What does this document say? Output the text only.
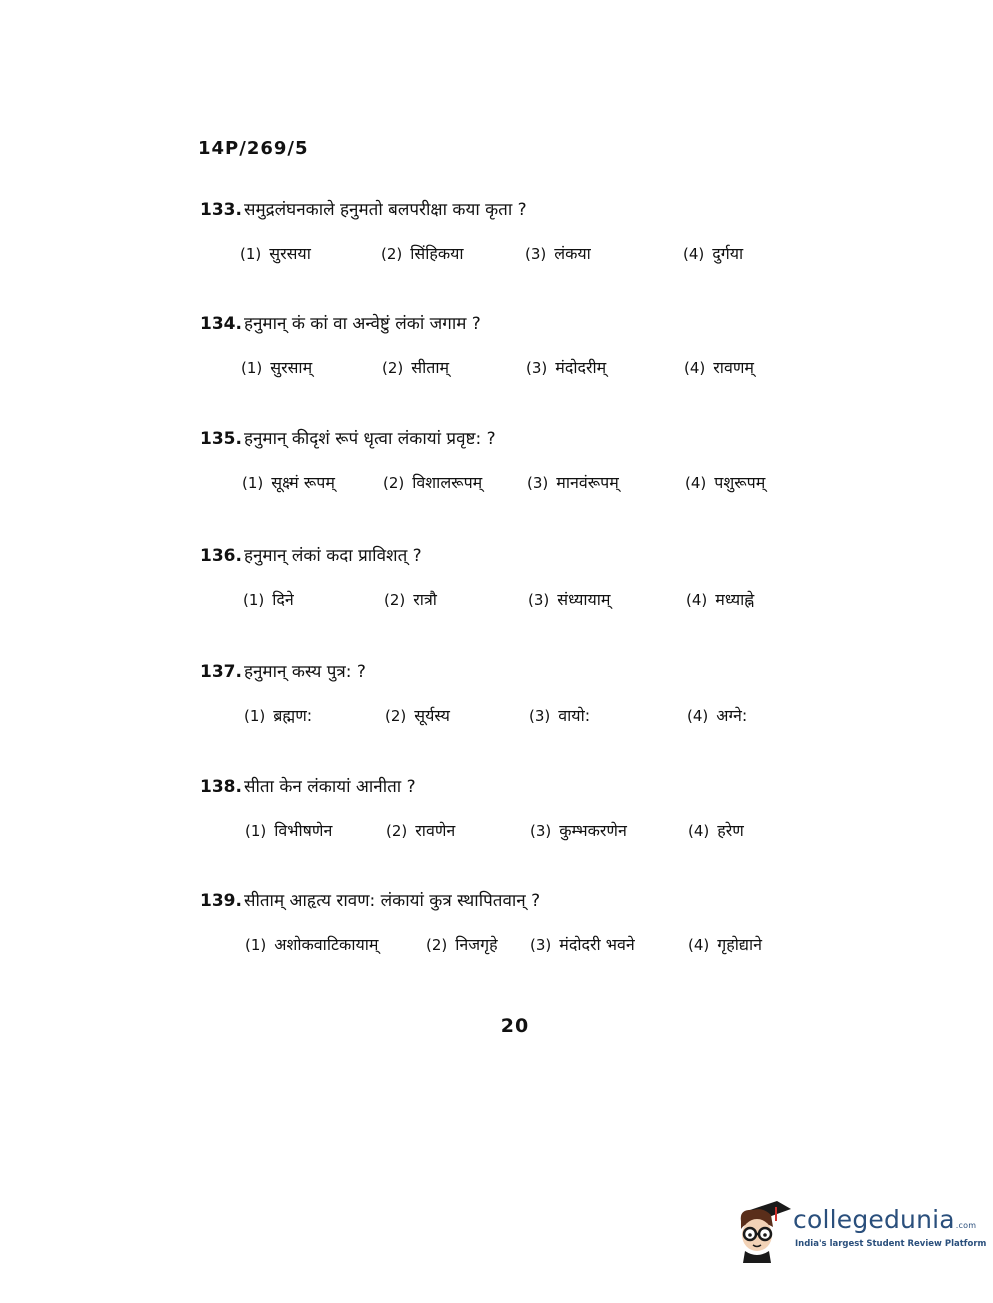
14P/269/5
133. समुद्रलंघनकाले हनुमतो बलपरीक्षा कया कृता ?
(1) सुरसया	(2) सिंहिकया	(3) लंकया	(4) दुर्गया
134. हनुमान् कं कां वा अन्वेष्टुं लंकां जगाम ?
(1) सुरसाम्	(2) सीताम्	(3) मंदोदरीम्	(4) रावणम्
135. हनुमान् कीदृशं रूपं धृत्वा लंकायां प्रवृष्ट: ?
(1) सूक्ष्मं रूपम्	(2) विशालरूपम्	(3) मानवंरूपम्	(4) पशुरूपम्
136. हनुमान् लंकां कदा प्राविशत् ?
(1) दिने	(2) रात्रौ	(3) संध्यायाम्	(4) मध्याह्ने
137. हनुमान् कस्य पुत्र: ?
(1) ब्रह्मण:	(2) सूर्यस्य	(3) वायो:	(4) अग्ने:
138. सीता केन लंकायां आनीता ?
(1) विभीषणेन	(2) रावणेन	(3) कुम्भकरणेन	(4) हरेण
139. सीताम् आहृत्य रावण: लंकायां कुत्र स्थापितवान् ?
(1) अशोकवाटिकायाम्	(2) निजगृहे (3) मंदोदरी भवने	(4) गृहोद्याने
20
collegedunia.com
India's largest Student Review Platform
